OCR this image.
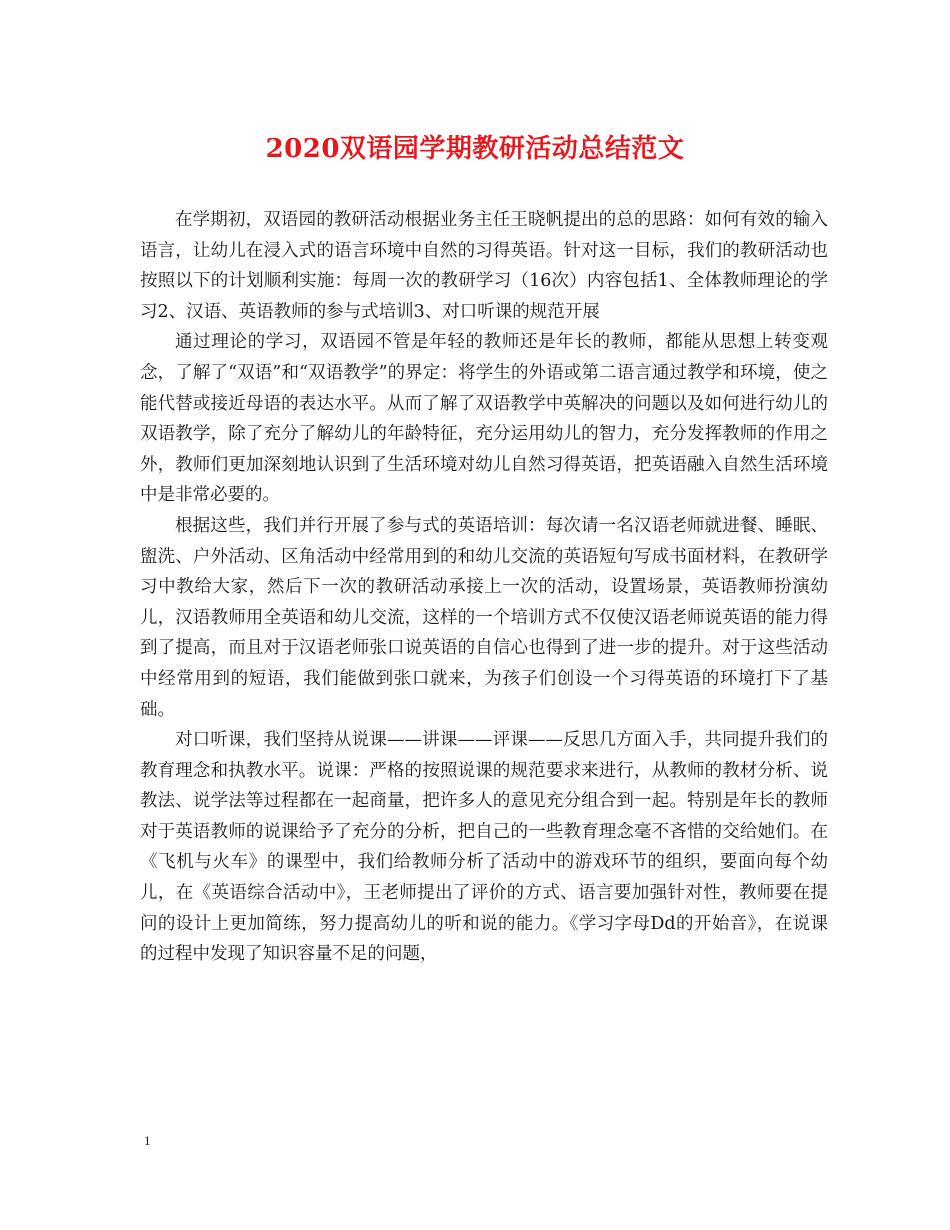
2020双语园学期教研活动总结范文

在学期初，双语园的教研活动根据业务主任王晓帆提出的总的思路：如何有效的输入语言，让幼儿在浸入式的语言环境中自然的习得英语。针对这一目标，我们的教研活动也按照以下的计划顺利实施：每周一次的教研学习（16次）内容包括1、全体教师理论的学习2、汉语、英语教师的参与式培训3、对口听课的规范开展

通过理论的学习，双语园不管是年轻的教师还是年长的教师，都能从思想上转变观念，了解了“双语”和“双语教学”的界定：将学生的外语或第二语言通过教学和环境，使之能代替或接近母语的表达水平。从而了解了双语教学中英解决的问题以及如何进行幼儿的双语教学，除了充分了解幼儿的年龄特征，充分运用幼儿的智力，充分发挥教师的作用之外，教师们更加深刻地认识到了生活环境对幼儿自然习得英语，把英语融入自然生活环境中是非常必要的。

根据这些，我们并行开展了参与式的英语培训：每次请一名汉语老师就进餐、睡眠、盥洗、户外活动、区角活动中经常用到的和幼儿交流的英语短句写成书面材料，在教研学习中教给大家，然后下一次的教研活动承接上一次的活动，设置场景，英语教师扮演幼儿，汉语教师用全英语和幼儿交流，这样的一个培训方式不仅使汉语老师说英语的能力得到了提高，而且对于汉语老师张口说英语的自信心也得到了进一步的提升。对于这些活动中经常用到的短语，我们能做到张口就来，为孩子们创设一个习得英语的环境打下了基础。

对口听课，我们坚持从说课——讲课——评课——反思几方面入手，共同提升我们的教育理念和执教水平。说课：严格的按照说课的规范要求来进行，从教师的教材分析、说教法、说学法等过程都在一起商量，把许多人的意见充分组合到一起。特别是年长的教师对于英语教师的说课给予了充分的分析，把自己的一些教育理念毫不吝惜的交给她们。在《飞机与火车》的课型中，我们给教师分析了活动中的游戏环节的组织，要面向每个幼儿，在《英语综合活动中》，王老师提出了评价的方式、语言要加强针对性，教师要在提问的设计上更加简练，努力提高幼儿的听和说的能力。《学习字母Dd的开始音》，在说课的过程中发现了知识容量不足的问题，

1
